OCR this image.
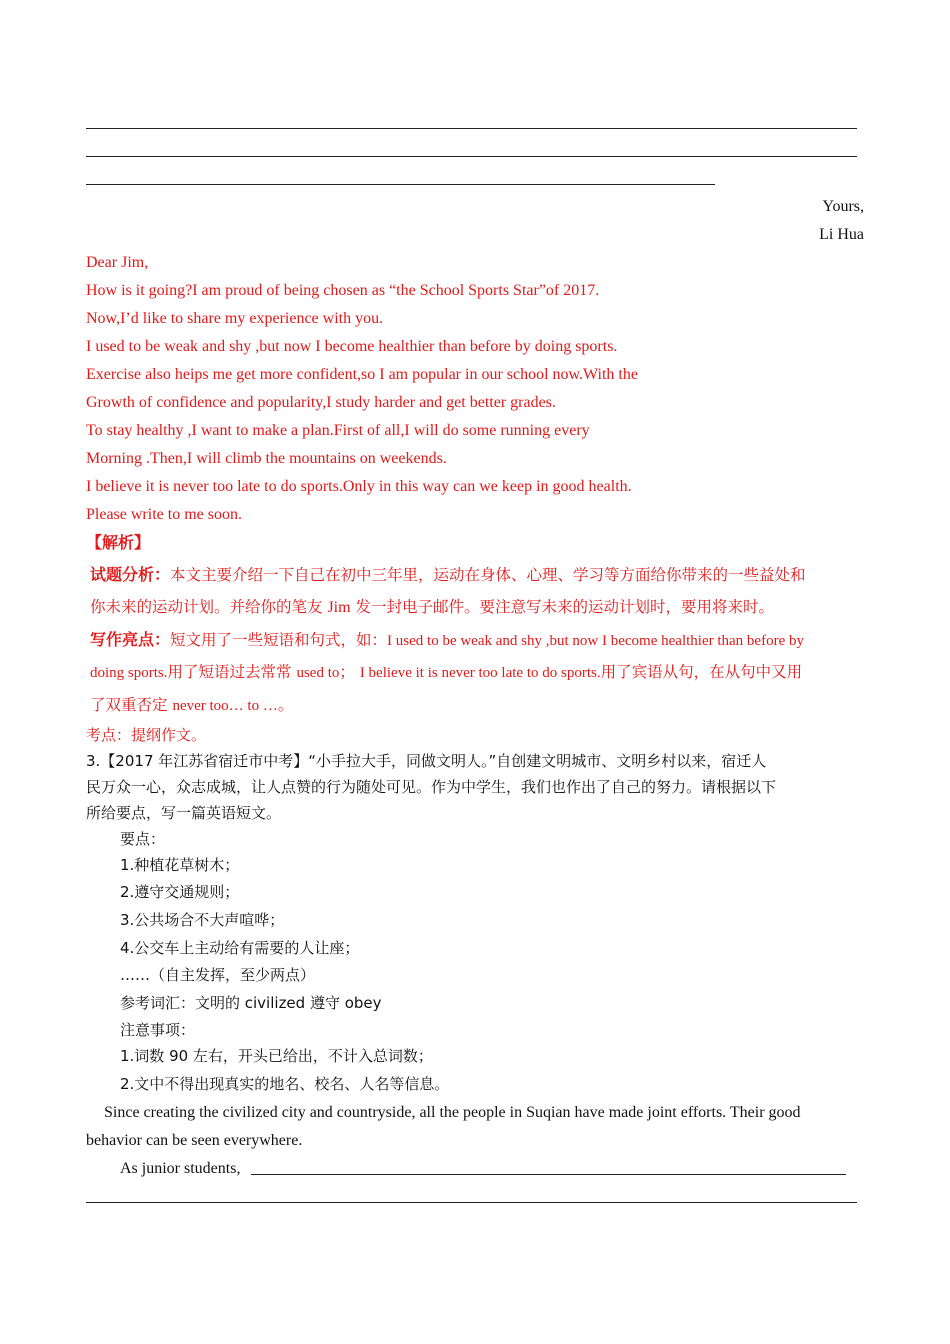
Yours,
Li Hua
Dear Jim,
How is it going?I am proud of being chosen as “the School Sports Star”of 2017.
Now,I’d like to share my experience with you.
I used to be weak and shy ,but now I become healthier than before by doing sports.
Exercise also heips me get more confident,so I am popular in our school now.With the
Growth of confidence and popularity,I study harder and get better grades.
To stay healthy ,I want to make a plan.First of all,I will do some running every
Morning .Then,I will climb the mountains on weekends.
I believe it is never too late to do sports.Only in this way can we keep in good health.
Please write to me soon.
【解析】
试题分析：本文主要介绍一下自己在初中三年里，运动在身体、心理、学习等方面给你带来的一些益处和
你未来的运动计划。并给你的笔友 Jim 发一封电子邮件。要注意写未来的运动计划时，要用将来时。
写作亮点：短文用了一些短语和句式，如：I used to be weak and shy ,but now I become healthier than before by
doing sports.用了短语过去常常 used to； I believe it is never too late to do sports.用了宾语从句，在从句中又用
了双重否定 never too… to …。
考点：提纲作文。
3.【2017 年江苏省宿迁市中考】“小手拉大手，同做文明人。”自创建文明城市、文明乡村以来，宿迁人
民万众一心，众志成城，让人点赞的行为随处可见。作为中学生，我们也作出了自己的努力。请根据以下
所给要点，写一篇英语短文。
要点：
1.种植花草树木；
2.遵守交通规则；
3.公共场合不大声喧哗；
4.公交车上主动给有需要的人让座；
……（自主发挥，至少两点）
参考词汇：文明的 civilized 遵守 obey
注意事项：
1.词数 90 左右，开头已给出，不计入总词数；
2.文中不得出现真实的地名、校名、人名等信息。
Since creating the civilized city and countryside, all the people in Suqian have made joint efforts. Their good
behavior can be seen everywhere.
As junior students,
